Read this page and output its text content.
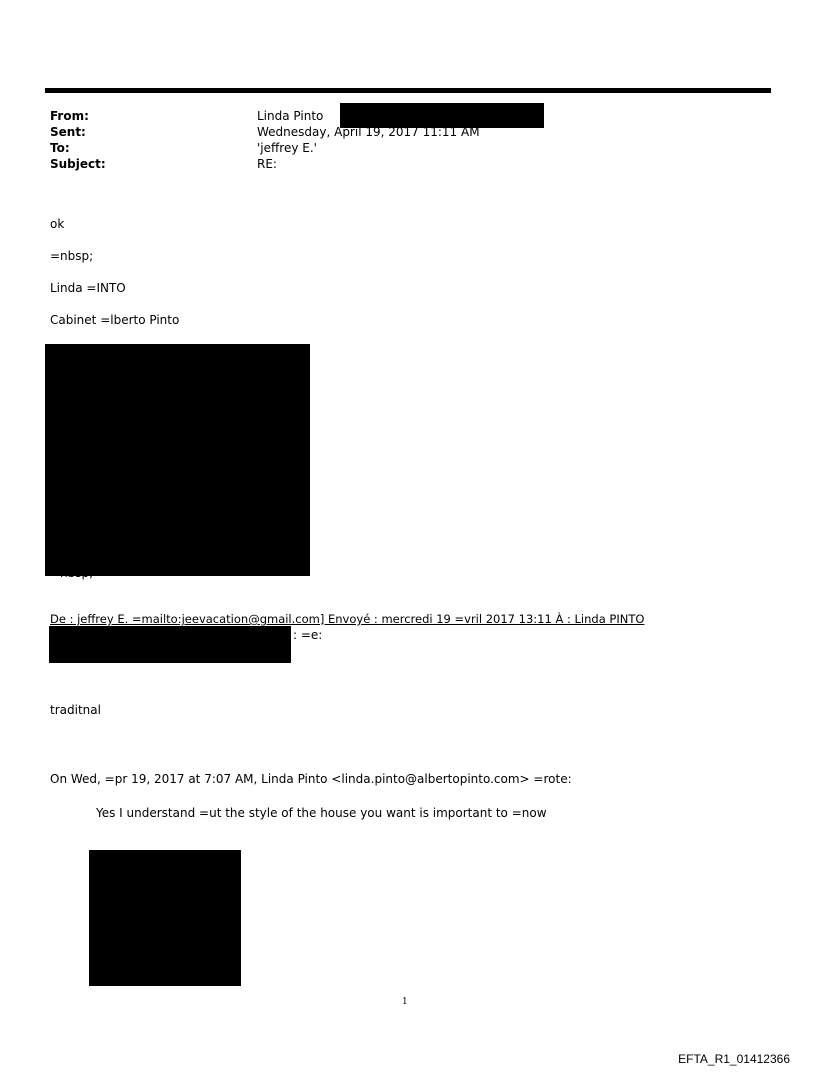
From:	Linda Pinto
Sent:	Wednesday, April 19, 2017 11:11 AM
To:	'jeffrey E.'
Subject:	RE:
ok
=nbsp;
Linda =INTO
Cabinet =lberto Pinto
=nbsp;
De : jeffrey E. =mailto:jeevacation@gmail.com] Envoyé : mercredi 19 =vril 2017 13:11 À : Linda PINTO
: =e:
traditnal
On Wed, =pr 19, 2017 at 7:07 AM, Linda Pinto <linda.pinto@albertopinto.com> =rote:
Yes I understand =ut the style of the house you want is important to =now
1
EFTA_R1_01412366
